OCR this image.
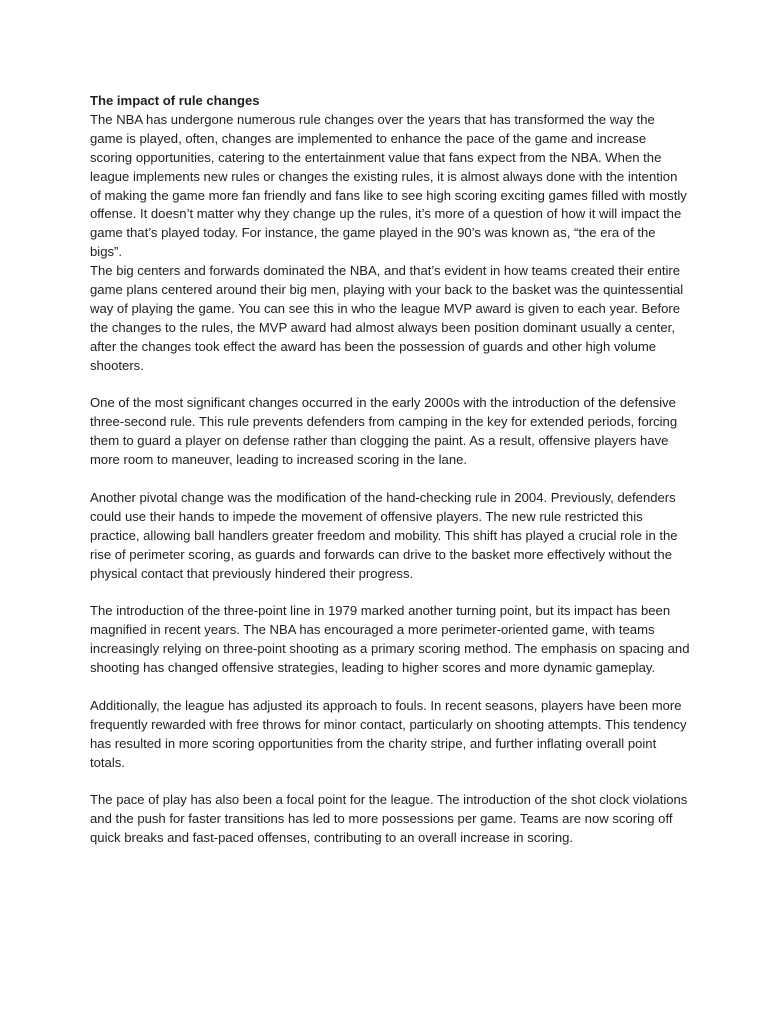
The impact of rule changes

The NBA has undergone numerous rule changes over the years that has transformed the way the game is played, often, changes are implemented to enhance the pace of the game and increase scoring opportunities, catering to the entertainment value that fans expect from the NBA. When the league implements new rules or changes the existing rules, it is almost always done with the intention of making the game more fan friendly and fans like to see high scoring exciting games filled with mostly offense. It doesn’t matter why they change up the rules, it’s more of a question of how it will impact the game that’s played today. For instance, the game played in the 90’s was known as, “the era of the bigs”.

The big centers and forwards dominated the NBA, and that’s evident in how teams created their entire game plans centered around their big men, playing with your back to the basket was the quintessential way of playing the game. You can see this in who the league MVP award is given to each year. Before the changes to the rules, the MVP award had almost always been position dominant usually a center, after the changes took effect the award has been the possession of guards and other high volume shooters.

One of the most significant changes occurred in the early 2000s with the introduction of the defensive three-second rule. This rule prevents defenders from camping in the key for extended periods, forcing them to guard a player on defense rather than clogging the paint. As a result, offensive players have more room to maneuver, leading to increased scoring in the lane.

Another pivotal change was the modification of the hand-checking rule in 2004. Previously, defenders could use their hands to impede the movement of offensive players. The new rule restricted this practice, allowing ball handlers greater freedom and mobility. This shift has played a crucial role in the rise of perimeter scoring, as guards and forwards can drive to the basket more effectively without the physical contact that previously hindered their progress.

The introduction of the three-point line in 1979 marked another turning point, but its impact has been magnified in recent years. The NBA has encouraged a more perimeter-oriented game, with teams increasingly relying on three-point shooting as a primary scoring method. The emphasis on spacing and shooting has changed offensive strategies, leading to higher scores and more dynamic gameplay.

Additionally, the league has adjusted its approach to fouls. In recent seasons, players have been more frequently rewarded with free throws for minor contact, particularly on shooting attempts. This tendency has resulted in more scoring opportunities from the charity stripe, and further inflating overall point totals.

The pace of play has also been a focal point for the league. The introduction of the shot clock violations and the push for faster transitions has led to more possessions per game. Teams are now scoring off quick breaks and fast-paced offenses, contributing to an overall increase in scoring.
